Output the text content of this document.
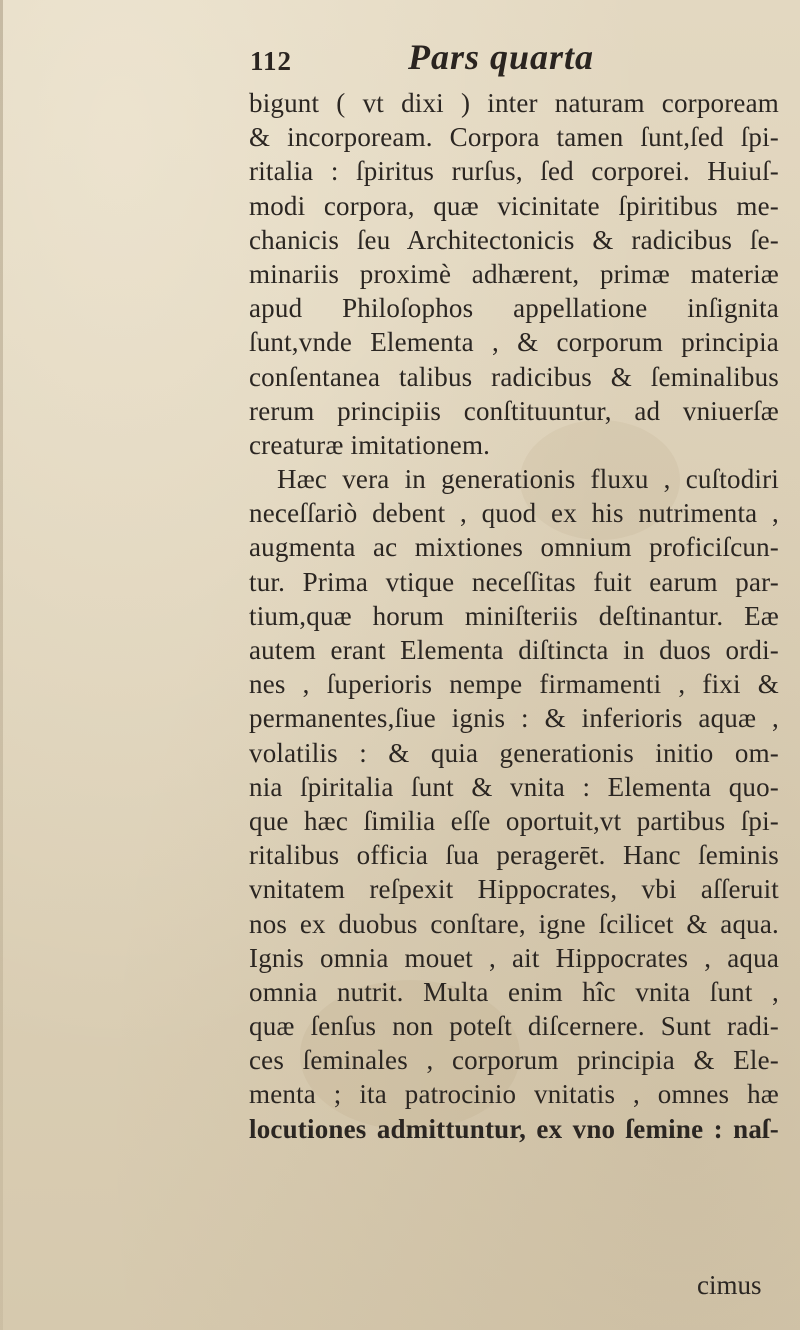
112	Pars quarta
bigunt ( vt dixi ) inter naturam corpoream
& incorpoream. Corpora tamen ſunt,ſed ſpi-
ritalia : ſpiritus rurſus, ſed corporei. Huiuſ-
modi corpora, quæ vicinitate ſpiritibus me-
chanicis ſeu Architectonicis & radicibus ſe-
minariis proximè adhærent, primæ materiæ
apud Philoſophos appellatione inſignita
ſunt,vnde Elementa , & corporum principia
conſentanea talibus radicibus & ſeminalibus
rerum principiis conſtituuntur, ad vniuerſæ
creaturæ imitationem.
Hæc vera in generationis fluxu , cuſtodiri
neceſſariò debent , quod ex his nutrimenta ,
augmenta ac mixtiones omnium proficiſcun-
tur. Prima vtique neceſſitas fuit earum par-
tium,quæ horum miniſteriis deſtinantur. Eæ
autem erant Elementa diſtincta in duos ordi-
nes , ſuperioris nempe firmamenti , fixi &
permanentes,ſiue ignis : & inferioris aquæ ,
volatilis : & quia generationis initio om-
nia ſpiritalia ſunt & vnita : Elementa quo-
que hæc ſimilia eſſe oportuit,vt partibus ſpi-
ritalibus officia ſua peragerēt. Hanc ſeminis
vnitatem reſpexit Hippocrates, vbi aſſeruit
nos ex duobus conſtare, igne ſcilicet & aqua.
Ignis omnia mouet , ait Hippocrates , aqua
omnia nutrit. Multa enim hîc vnita ſunt ,
quæ ſenſus non poteſt diſcernere. Sunt radi-
ces ſeminales , corporum principia & Ele-
menta ; ita patrocinio vnitatis , omnes hæ
locutiones admittuntur, ex vno ſemine : naſ-
cimus
